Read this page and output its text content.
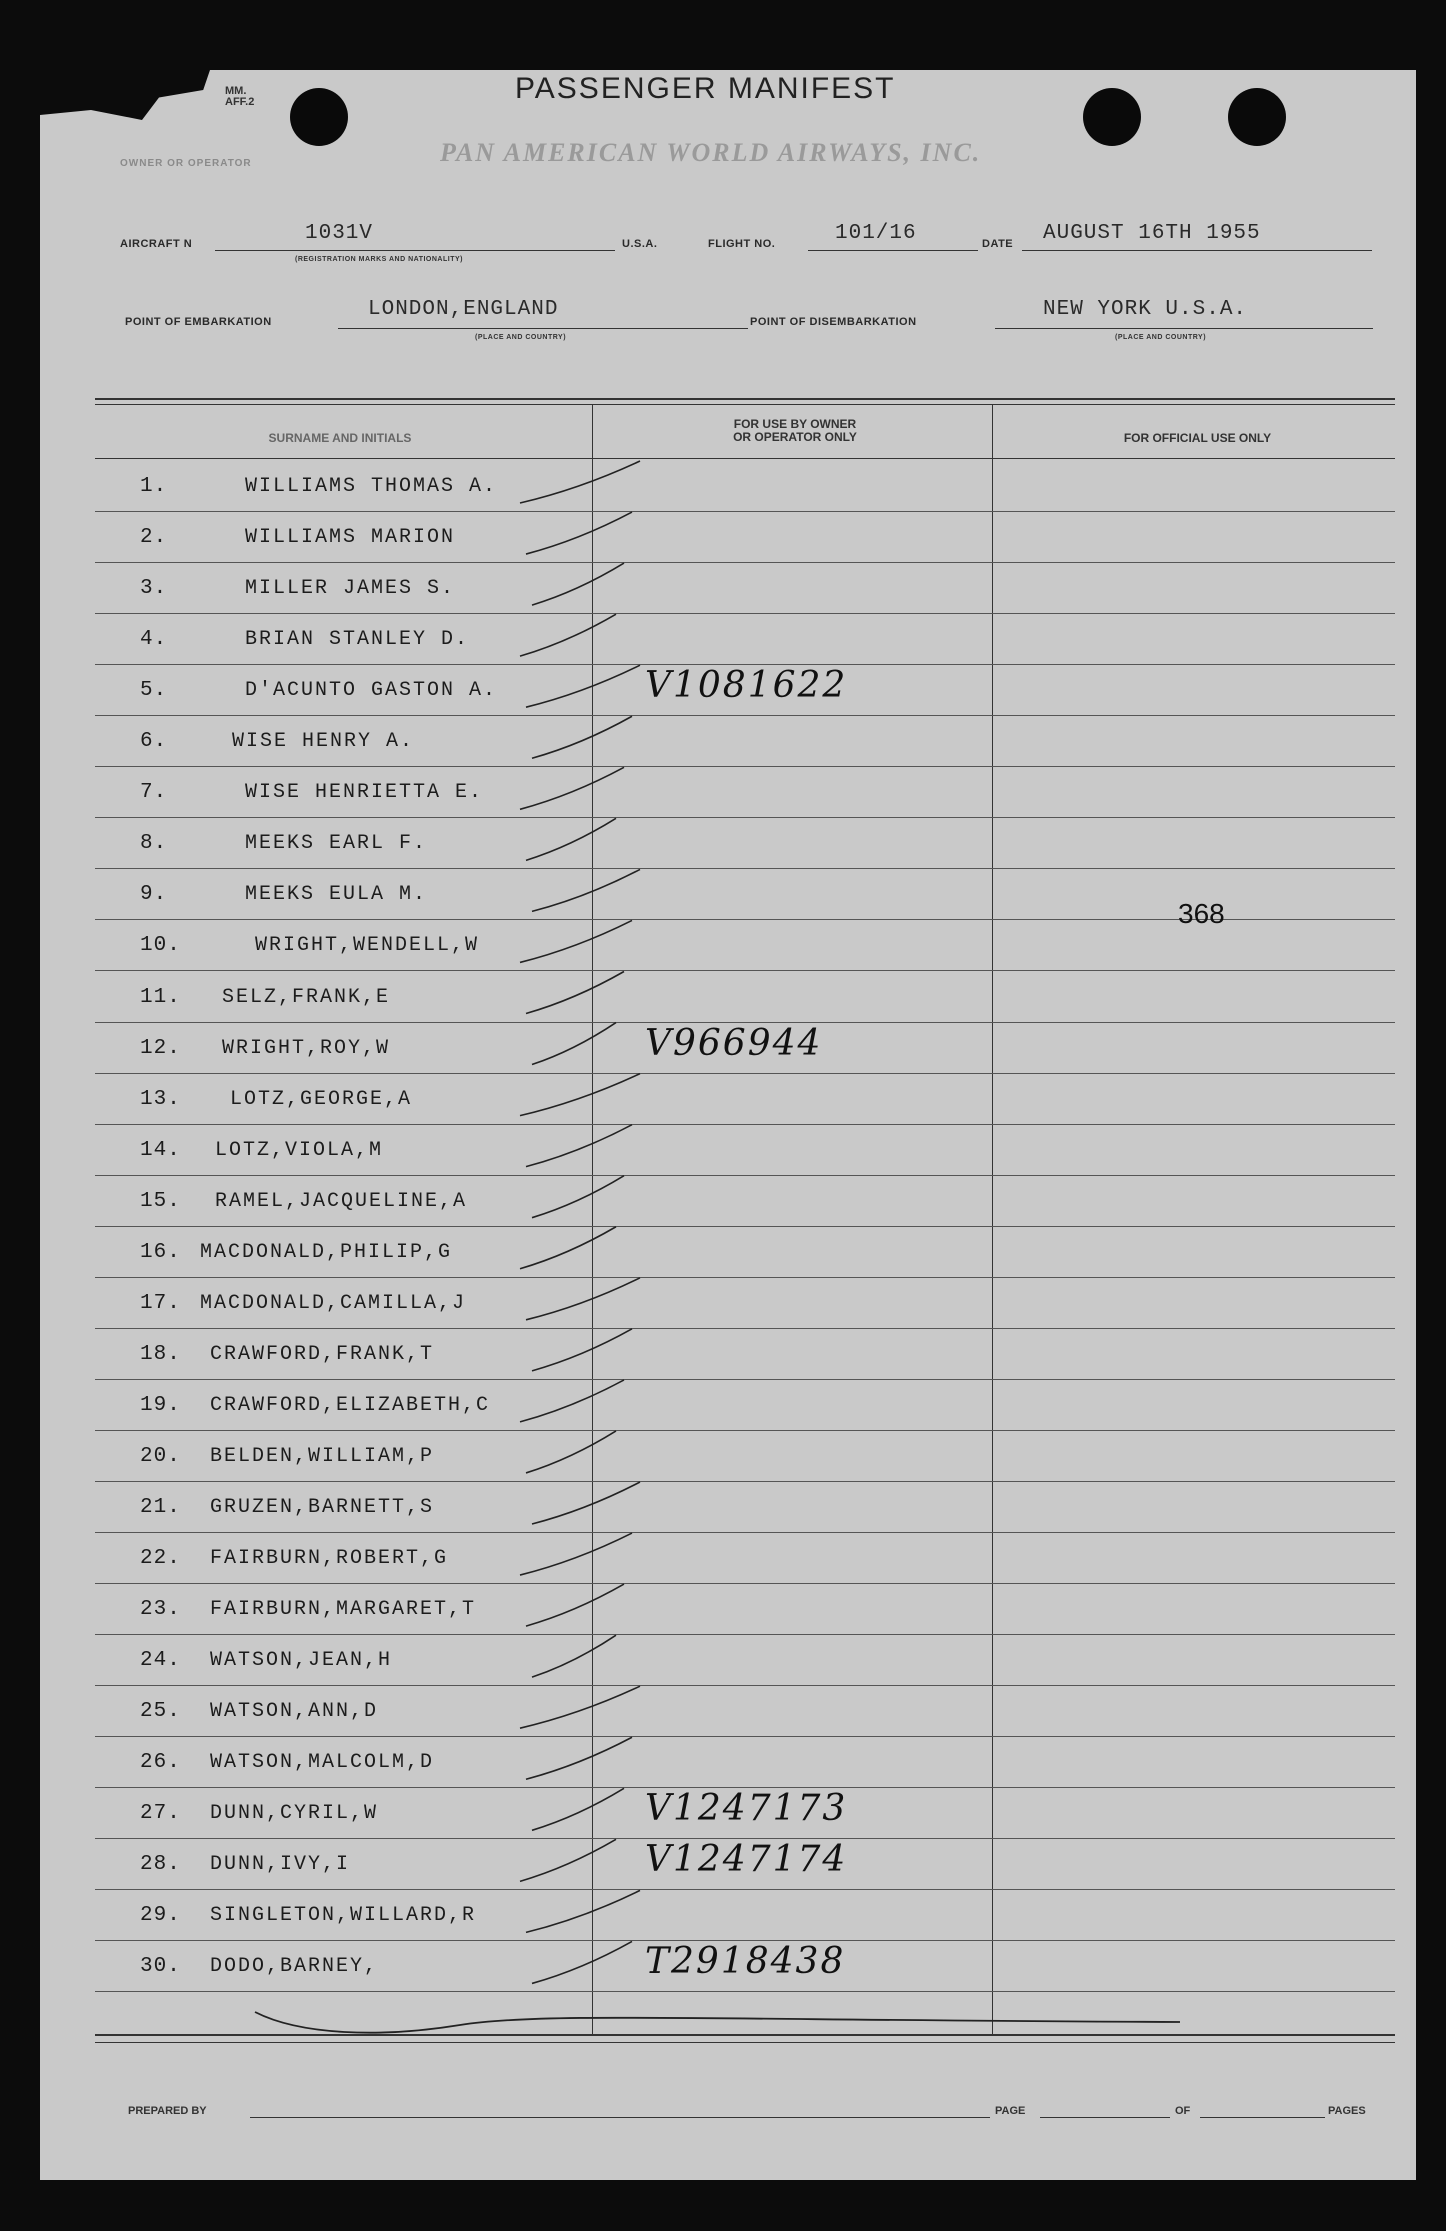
MM.
AFF.2	PASSENGER MANIFEST
OWNER OR OPERATOR	PAN AMERICAN WORLD AIRWAYS, INC.
AIRCRAFT N	1031V
(REGISTRATION MARKS AND NATIONALITY)
U.S.A.	FLIGHT NO.	101/16	DATE AUGUST 16TH 1955
POINT OF EMBARKATION
LONDON,ENGLAND
(PLACE AND COUNTRY)
POINT OF DISEMBARKATION
NEW YORK U.S.A.
(PLACE AND COUNTRY)
SURNAME AND INITIALS
FOR USE BY OWNER
OR OPERATOR ONLY	FOR OFFICIAL USE ONLY
1.	WILLIAMS THOMAS A.
2.	WILLIAMS MARION
3.	MILLER JAMES S.
4.	BRIAN STANLEY D.
5.	D'ACUNTO GASTON A.	V1081622
6.	WISE HENRY A.
7.	WISE HENRIETTA E.
8.	MEEKS EARL F.
9.	MEEKS EULA M.
10.	WRIGHT,WENDELL,W
11.	SELZ,FRANK,E
12.	WRIGHT,ROY,W	V966944
13.	LOTZ,GEORGE,A
14.	LOTZ,VIOLA,M
15.	RAMEL,JACQUELINE,A
16. MACDONALD,PHILIP,G
17. MACDONALD,CAMILLA,J
18.	CRAWFORD,FRANK,T
19.	CRAWFORD,ELIZABETH,C
20.	BELDEN,WILLIAM,P
21.	GRUZEN,BARNETT,S
22.	FAIRBURN,ROBERT,G
23.	FAIRBURN,MARGARET,T
24.	WATSON,JEAN,H
25.	WATSON,ANN,D
26.	WATSON,MALCOLM,D
27.	DUNN,CYRIL,W	V1247173
28.	DUNN,IVY,I	V1247174
29.	SINGLETON,WILLARD,R
30.	DODO,BARNEY,	T2918438
368
PREPARED BY	PAGE	OF	PAGES
